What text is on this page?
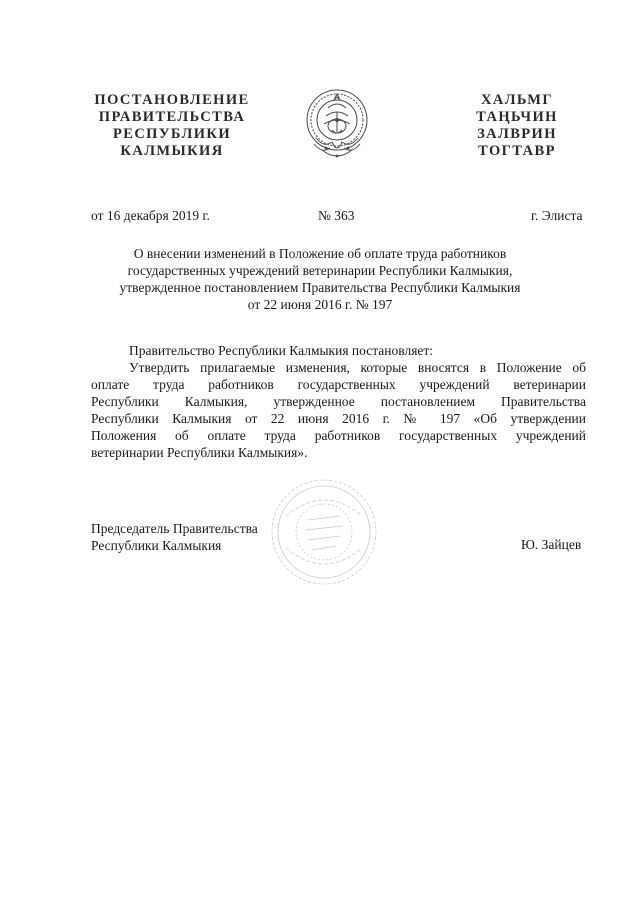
ПОСТАНОВЛЕНИЕ
ПРАВИТЕЛЬСТВА
РЕСПУБЛИКИ
КАЛМЫКИЯ
ХАЛЬМГ
ТАҢЬЧИН
ЗАЛВРИН
ТОГТАВР
от 16 декабря 2019 г.	№ 363	г. Элиста
О внесении изменений в Положение об оплате труда работников
государственных учреждений ветеринарии Республики Калмыкия,
утвержденное постановлением Правительства Республики Калмыкия
от 22 июня 2016 г. № 197
Правительство Республики Калмыкия постановляет:
Утвердить прилагаемые изменения, которые вносятся в Положение об
оплате труда работников государственных учреждений ветеринарии
Республики Калмыкия, утвержденное постановлением Правительства
Республики Калмыкия от 22 июня 2016 г. № 197 «Об утверждении
Положения об оплате труда работников государственных учреждений
ветеринарии Республики Калмыкия».
Председатель Правительства
Республики Калмыкия	Ю. Зайцев
